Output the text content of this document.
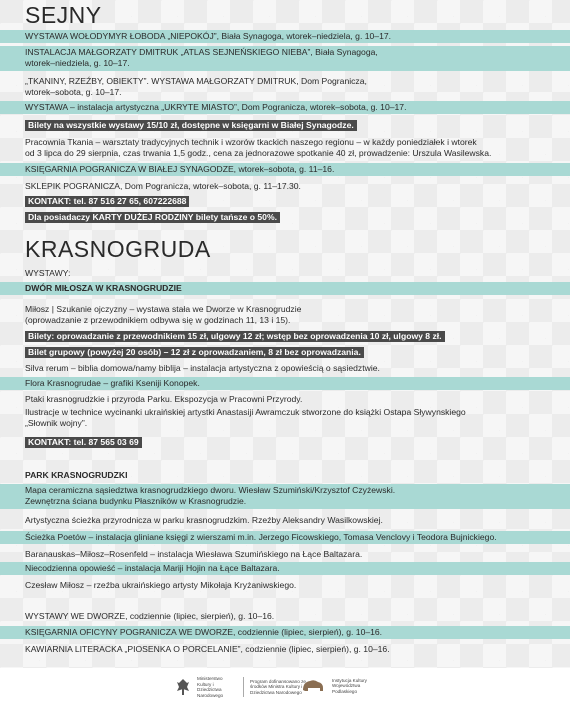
SEJNY
WYSTAWA WOŁODYMYR ŁOBODA „NIEPOKÓJ”, Biała Synagoga, wtorek–niedziela, g. 10–17.
INSTALACJA MAŁGORZATY DMITRUK „ATLAS SEJNEŃSKIEGO NIEBA”, Biała Synagoga,
wtorek–niedziela, g. 10–17.
„TKANINY, RZEŹBY, OBIEKTY”. WYSTAWA MAŁGORZATY DMITRUK, Dom Pogranicza,
wtorek–sobota, g. 10–17.
WYSTAWA – instalacja artystyczna „UKRYTE MIASTO”, Dom Pogranicza, wtorek–sobota, g. 10–17.
Bilety na wszystkie wystawy 15/10 zł, dostępne w księgarni w Białej Synagodze.
Pracownia Tkania – warsztaty tradycyjnych technik i wzorów tkackich naszego regionu – w każdy poniedziałek i wtorek
od 3 lipca do 29 sierpnia, czas trwania 1,5 godz., cena za jednorazowe spotkanie 40 zł, prowadzenie: Urszula Wasilewska.
KSIĘGARNIA POGRANICZA W BIAŁEJ SYNAGODZE, wtorek–sobota, g. 11–16.
SKLEPIK POGRANICZA, Dom Pogranicza, wtorek–sobota, g. 11–17.30.
KONTAKT: tel. 87 516 27 65, 607222688
Dla posiadaczy KARTY DUŻEJ RODZINY bilety tańsze o 50%.
KRASNOGRUDA
WYSTAWY:
DWÓR MIŁOSZA W KRASNOGRUDZIE
Miłosz | Szukanie ojczyzny – wystawa stała we Dworze w Krasnogrudzie
(oprowadzanie z przewodnikiem odbywa się w godzinach 11, 13 i 15).
Bilety: oprowadzanie z przewodnikiem 15 zł, ulgowy 12 zł; wstęp bez oprowadzenia 10 zł, ulgowy 8 zł.
Bilet grupowy (powyżej 20 osób) – 12 zł z oprowadzaniem, 8 zł bez oprowadzania.
Silva rerum – biblia domowa/namy biblija – instalacja artystyczna z opowieścią o sąsiedztwie.
Flora Krasnogrudae – grafiki Kseniji Konopek.
Ptaki krasnogrudzkie i przyroda Parku. Ekspozycja w Pracowni Przyrody.
Ilustracje w technice wycinanki ukraińskiej artystki Anastasiji Awramczuk stworzone do książki Ostapa Sływynskiego
„Słownik wojny”.
KONTAKT: tel. 87 565 03 69
PARK KRASNOGRUDZKI
Mapa ceramiczna sąsiedztwa krasnogrudzkiego dworu. Wiesław Szumiński/Krzysztof Czyżewski.
Zewnętrzna ściana budynku Płaszników w Krasnogrudzie.
Artystyczna ścieżka przyrodnicza w parku krasnogrudzkim. Rzeźby Aleksandry Wasilkowskiej.
Ścieżka Poetów – instalacja gliniane księgi z wierszami m.in. Jerzego Ficowskiego, Tomasa Venclovy i Teodora Bujnickiego.
Baranauskas–Miłosz–Rosenfeld – instalacja Wiesława Szumińskiego na Łące Baltazara.
Niecodzienna opowieść – instalacja Mariji Hojin na Łące Baltazara.
Czesław Miłosz – rzeźba ukraińskiego artysty Mikołaja Kryżaniwskiego.
WYSTAWY WE DWORZE, codziennie (lipiec, sierpień), g. 10–16.
KSIĘGARNIA OFICYNY POGRANICZA WE DWORZE, codziennie (lipiec, sierpień), g. 10–16.
KAWIARNIA LITERACKA „PIOSENKA O PORCELANIE”, codziennie (lipiec, sierpień), g. 10–16.
Ministerstwo Kultury i Dziedzictwa Narodowego
Program dofinansowano ze środków Ministra Kultury i Dziedzictwa Narodowego
Instytucja Kultury Województwa Podlaskiego
